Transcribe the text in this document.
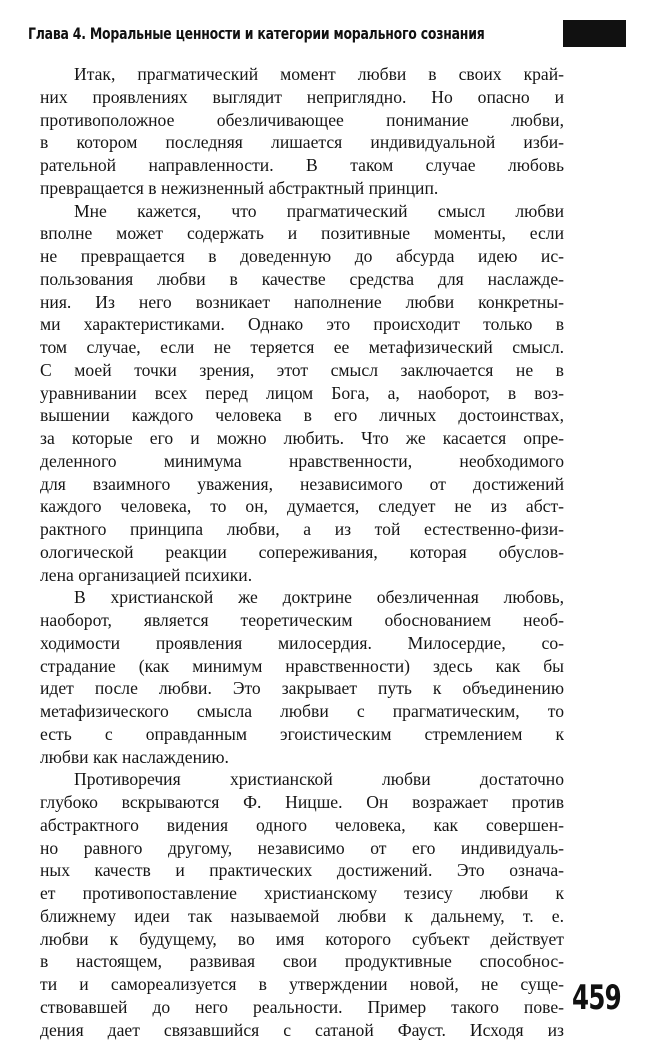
Глава 4. Моральные ценности и категории морального сознания
Итак, прагматический момент любви в своих край-
них проявлениях выглядит неприглядно. Но опасно и
противоположное обезличивающее понимание любви,
в котором последняя лишается индивидуальной изби-
рательной направленности. В таком случае любовь
превращается в нежизненный абстрактный принцип.
Мне кажется, что прагматический смысл любви
вполне может содержать и позитивные моменты, если
не превращается в доведенную до абсурда идею ис-
пользования любви в качестве средства для наслажде-
ния. Из него возникает наполнение любви конкретны-
ми характеристиками. Однако это происходит только в
том случае, если не теряется ее метафизический смысл.
С моей точки зрения, этот смысл заключается не в
уравнивании всех перед лицом Бога, а, наоборот, в воз-
вышении каждого человека в его личных достоинствах,
за которые его и можно любить. Что же касается опре-
деленного минимума нравственности, необходимого
для взаимного уважения, независимого от достижений
каждого человека, то он, думается, следует не из абст-
рактного принципа любви, а из той естественно-физи-
ологической реакции сопереживания, которая обуслов-
лена организацией психики.
В христианской же доктрине обезличенная любовь,
наоборот, является теоретическим обоснованием необ-
ходимости проявления милосердия. Милосердие, со-
страдание (как минимум нравственности) здесь как бы
идет после любви. Это закрывает путь к объединению
метафизического смысла любви с прагматическим, то
есть с оправданным эгоистическим стремлением к
любви как наслаждению.
Противоречия христианской любви достаточно
глубоко вскрываются Ф. Ницше. Он возражает против
абстрактного видения одного человека, как совершен-
но равного другому, независимо от его индивидуаль-
ных качеств и практических достижений. Это означа-
ет противопоставление христианскому тезису любви к
ближнему идеи так называемой любви к дальнему, т. е.
любви к будущему, во имя которого субъект действует
в настоящем, развивая свои продуктивные способнос-
ти и самореализуется в утверждении новой, не суще-
ствовавшей до него реальности. Пример такого пове-
дения дает связавшийся с сатаной Фауст. Исходя из
459
